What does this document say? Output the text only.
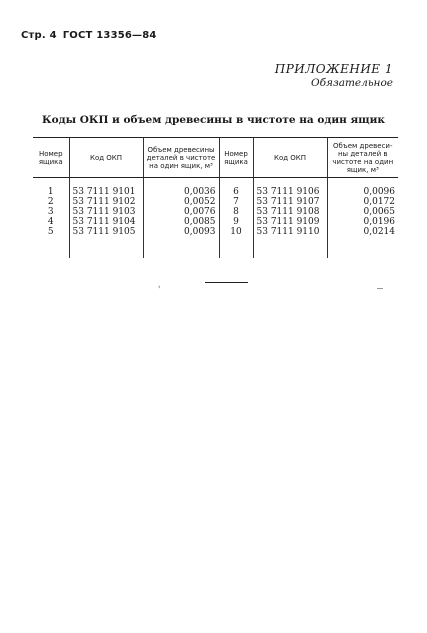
Стр. 4 ГОСТ 13356—84
ПРИЛОЖЕНИЕ 1
Обязательное
Коды ОКП и объем древесины в чистоте на один ящик
Номер ящика	Код ОКП	Объем древесины деталей в чистоте на один ящик, м³	Номер ящика	Код ОКП	Объем древесины деталей в чистоте на один ящик, м³

1	53 7111 9101	0,0036	6	53 7111 9106	0,0096
2	53 7111 9102	0,0052	7	53 7111 9107	0,0172
3	53 7111 9103	0,0076	8	53 7111 9108	0,0065
4	53 7111 9104	0,0085	9	53 7111 9109	0,0196
5	53 7111 9105	0,0093	10	53 7111 9110	0,0214

‹
